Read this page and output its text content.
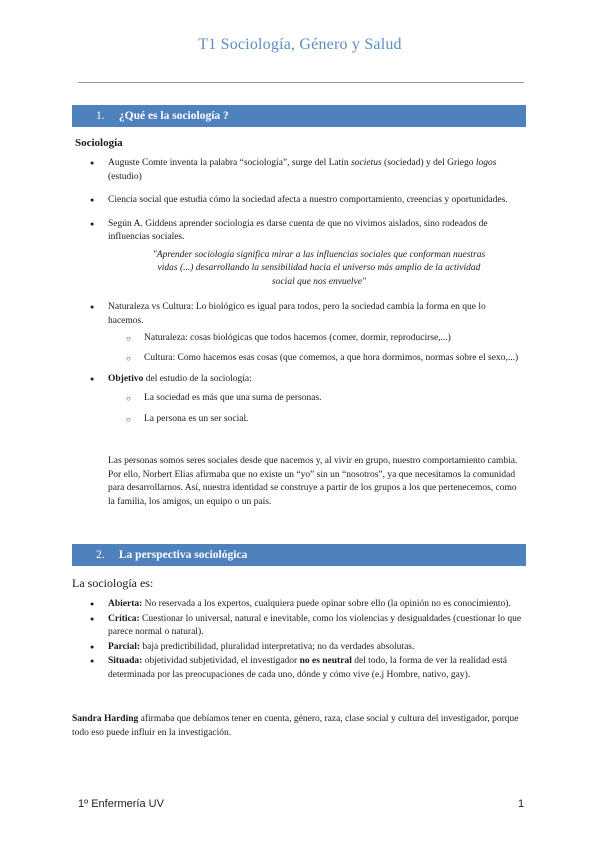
T1 Sociología, Género y Salud
1. ¿Qué es la sociología ?
Sociología
● Auguste Comte inventa la palabra “sociología”, surge del Latín societus (sociedad) y del Griego logos (estudio)
● Ciencia social que estudia cómo la sociedad afecta a nuestro comportamiento, creencias y oportunidades.
● Según A. Giddens aprender sociología es darse cuenta de que no vivimos aislados, sino rodeados de influencias sociales.
"Aprender sociología significa mirar a las influencias sociales que conforman nuestras vidas (...) desarrollando la sensibilidad hacia el universo más amplio de la actividad social que nos envuelve"
● Naturaleza vs Cultura: Lo biológico es igual para todos, pero la sociedad cambia la forma en que lo hacemos.
○ Naturaleza: cosas biológicas que todos hacemos (comer, dormir, reproducirse,...)
○ Cultura: Como hacemos esas cosas (que comemos, a que hora dormimos, normas sobre el sexo,...)
● Objetivo del estudio de la sociología:
○ La sociedad es más que una suma de personas.
○ La persona es un ser social.

Las personas somos seres sociales desde que nacemos y, al vivir en grupo, nuestro comportamiento cambia. Por ello, Norbert Elias afirmaba que no existe un “yo” sin un “nosotros”, ya que necesitamos la comunidad para desarrollarnos. Así, nuestra identidad se construye a partir de los grupos a los que pertenecemos, como la familia, los amigos, un equipo o un país.

2. La perspectiva sociológica
La sociología es:
● Abierta: No reservada a los expertos, cualquiera puede opinar sobre ello (la opinión no es conocimiento).
● Crítica: Cuestionar lo universal, natural e inevitable, como los violencias y desigualdades (cuestionar lo que parece normal o natural).
● Parcial: baja predictibilidad, pluralidad interpretativa; no da verdades absolutas.
● Situada: objetividad subjetividad, el investigador no es neutral del todo, la forma de ver la realidad está determinada por las preocupaciones de cada uno, dónde y cómo vive (e.j Hombre, nativo, gay).

Sandra Harding afirmaba que debíamos tener en cuenta, género, raza, clase social y cultura del investigador, porque todo eso puede influir en la investigación.

1º Enfermería UV	1
